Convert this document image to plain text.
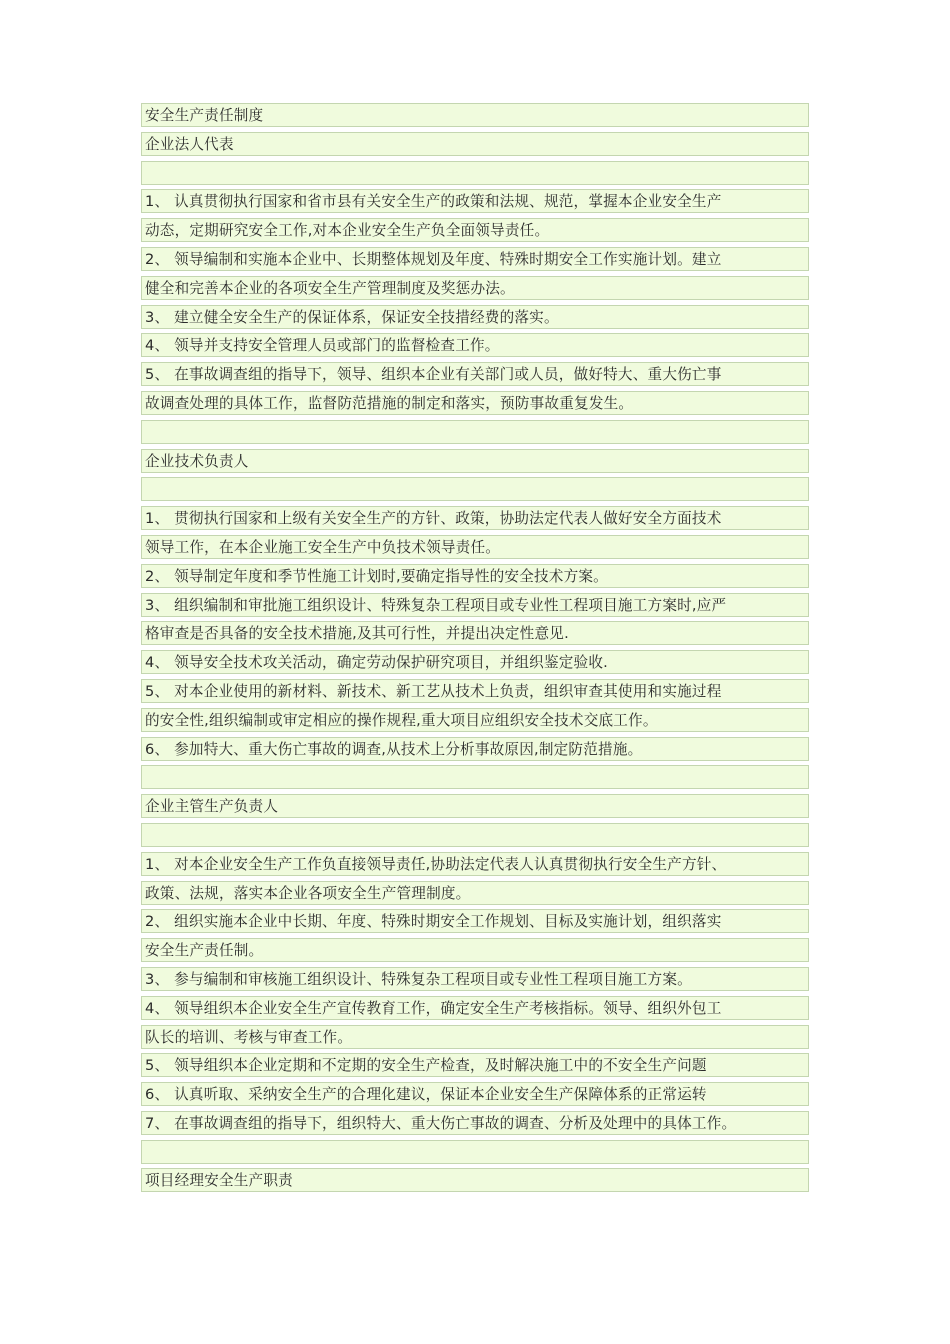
安全生产责任制度
企业法人代表
1、 认真贯彻执行国家和省市县有关安全生产的政策和法规、规范，掌握本企业安全生产
动态，定期研究安全工作,对本企业安全生产负全面领导责任。
2、 领导编制和实施本企业中、长期整体规划及年度、特殊时期安全工作实施计划。建立
健全和完善本企业的各项安全生产管理制度及奖惩办法。
3、 建立健全安全生产的保证体系，保证安全技措经费的落实。
4、 领导并支持安全管理人员或部门的监督检查工作。
5、 在事故调查组的指导下，领导、组织本企业有关部门或人员，做好特大、重大伤亡事
故调查处理的具体工作，监督防范措施的制定和落实，预防事故重复发生。
企业技术负责人
1、 贯彻执行国家和上级有关安全生产的方针、政策，协助法定代表人做好安全方面技术
领导工作，在本企业施工安全生产中负技术领导责任。
2、 领导制定年度和季节性施工计划时,要确定指导性的安全技术方案。
3、 组织编制和审批施工组织设计、特殊复杂工程项目或专业性工程项目施工方案时,应严
格审查是否具备的安全技术措施,及其可行性，并提出决定性意见.
4、 领导安全技术攻关活动，确定劳动保护研究项目，并组织鉴定验收.
5、 对本企业使用的新材料、新技术、新工艺从技术上负责，组织审查其使用和实施过程
的安全性,组织编制或审定相应的操作规程,重大项目应组织安全技术交底工作。
6、 参加特大、重大伤亡事故的调查,从技术上分析事故原因,制定防范措施。
企业主管生产负责人
1、 对本企业安全生产工作负直接领导责任,协助法定代表人认真贯彻执行安全生产方针、
政策、法规，落实本企业各项安全生产管理制度。
2、 组织实施本企业中长期、年度、特殊时期安全工作规划、目标及实施计划，组织落实
安全生产责任制。
3、 参与编制和审核施工组织设计、特殊复杂工程项目或专业性工程项目施工方案。
4、 领导组织本企业安全生产宣传教育工作，确定安全生产考核指标。领导、组织外包工
队长的培训、考核与审查工作。
5、 领导组织本企业定期和不定期的安全生产检查，及时解决施工中的不安全生产问题
6、 认真听取、采纳安全生产的合理化建议，保证本企业安全生产保障体系的正常运转
7、 在事故调查组的指导下，组织特大、重大伤亡事故的调查、分析及处理中的具体工作。
项目经理安全生产职责
